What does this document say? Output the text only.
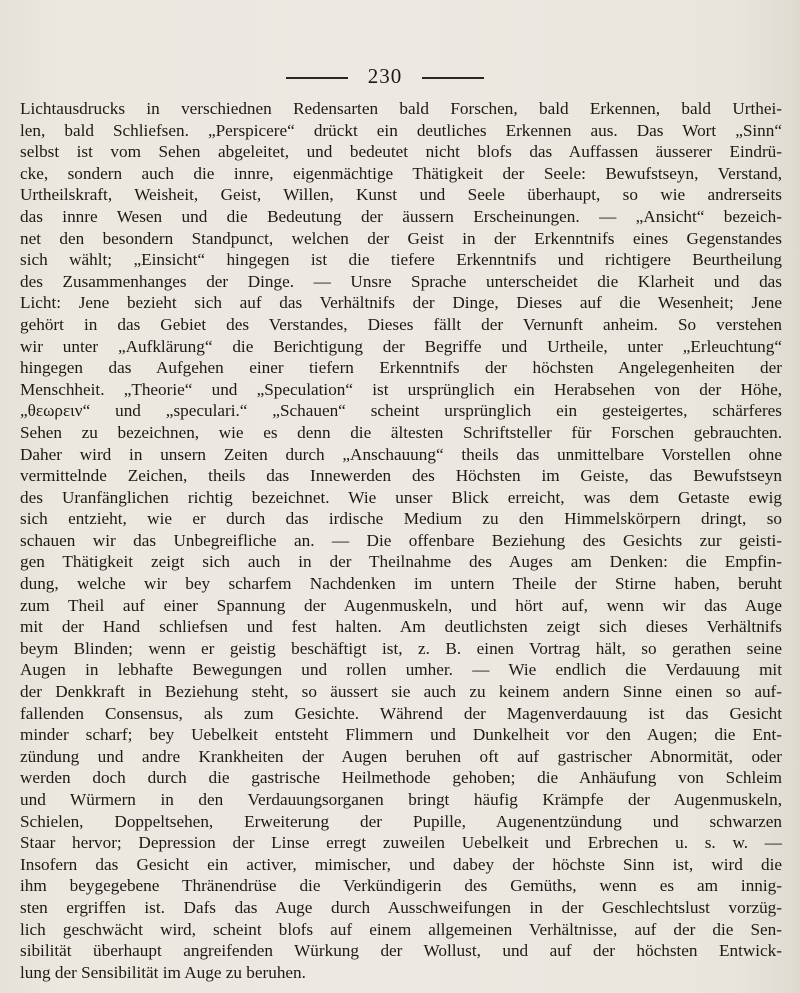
230
Lichtausdrucks in verschiednen Redensarten bald Forschen, bald Erkennen, bald Urthei-
len, bald Schliefsen. „Perspicere“ drückt ein deutliches Erkennen aus. Das Wort „Sinn“
selbst ist vom Sehen abgeleitet, und bedeutet nicht blofs das Auffassen äusserer Eindrü-
cke, sondern auch die innre, eigenmächtige Thätigkeit der Seele: Bewufstseyn, Verstand,
Urtheilskraft, Weisheit, Geist, Willen, Kunst und Seele überhaupt, so wie andrerseits
das innre Wesen und die Bedeutung der äussern Erscheinungen. — „Ansicht“ bezeich-
net den besondern Standpunct, welchen der Geist in der Erkenntnifs eines Gegenstandes
sich wählt; „Einsicht“ hingegen ist die tiefere Erkenntnifs und richtigere Beurtheilung
des Zusammenhanges der Dinge. — Unsre Sprache unterscheidet die Klarheit und das
Licht: Jene bezieht sich auf das Verhältnifs der Dinge, Dieses auf die Wesenheit; Jene
gehört in das Gebiet des Verstandes, Dieses fällt der Vernunft anheim. So verstehen
wir unter „Aufklärung“ die Berichtigung der Begriffe und Urtheile, unter „Erleuchtung“
hingegen das Aufgehen einer tiefern Erkenntnifs der höchsten Angelegenheiten der
Menschheit. „Theorie“ und „Speculation“ ist ursprünglich ein Herabsehen von der Höhe,
„θεωρειν“ und „speculari.“ „Schauen“ scheint ursprünglich ein gesteigertes, schärferes
Sehen zu bezeichnen, wie es denn die ältesten Schriftsteller für Forschen gebrauchten.
Daher wird in unsern Zeiten durch „Anschauung“ theils das unmittelbare Vorstellen ohne
vermittelnde Zeichen, theils das Innewerden des Höchsten im Geiste, das Bewufstseyn
des Uranfänglichen richtig bezeichnet. Wie unser Blick erreicht, was dem Getaste ewig
sich entzieht, wie er durch das irdische Medium zu den Himmelskörpern dringt, so
schauen wir das Unbegreifliche an. — Die offenbare Beziehung des Gesichts zur geisti-
gen Thätigkeit zeigt sich auch in der Theilnahme des Auges am Denken: die Empfin-
dung, welche wir bey scharfem Nachdenken im untern Theile der Stirne haben, beruht
zum Theil auf einer Spannung der Augenmuskeln, und hört auf, wenn wir das Auge
mit der Hand schliefsen und fest halten. Am deutlichsten zeigt sich dieses Verhältnifs
beym Blinden; wenn er geistig beschäftigt ist, z. B. einen Vortrag hält, so gerathen seine
Augen in lebhafte Bewegungen und rollen umher. — Wie endlich die Verdauung mit
der Denkkraft in Beziehung steht, so äussert sie auch zu keinem andern Sinne einen so auf-
fallenden Consensus, als zum Gesichte. Während der Magenverdauung ist das Gesicht
minder scharf; bey Uebelkeit entsteht Flimmern und Dunkelheit vor den Augen; die Ent-
zündung und andre Krankheiten der Augen beruhen oft auf gastrischer Abnormität, oder
werden doch durch die gastrische Heilmethode gehoben; die Anhäufung von Schleim
und Würmern in den Verdauungsorganen bringt häufig Krämpfe der Augenmuskeln,
Schielen, Doppeltsehen, Erweiterung der Pupille, Augenentzündung und schwarzen
Staar hervor; Depression der Linse erregt zuweilen Uebelkeit und Erbrechen u. s. w. —
Insofern das Gesicht ein activer, mimischer, und dabey der höchste Sinn ist, wird die
ihm beygegebene Thränendrüse die Verkündigerin des Gemüths, wenn es am innig-
sten ergriffen ist. Dafs das Auge durch Ausschweifungen in der Geschlechtslust vorzüg-
lich geschwächt wird, scheint blofs auf einem allgemeinen Verhältnisse, auf der die Sen-
sibilität überhaupt angreifenden Würkung der Wollust, und auf der höchsten Entwick-
lung der Sensibilität im Auge zu beruhen.
